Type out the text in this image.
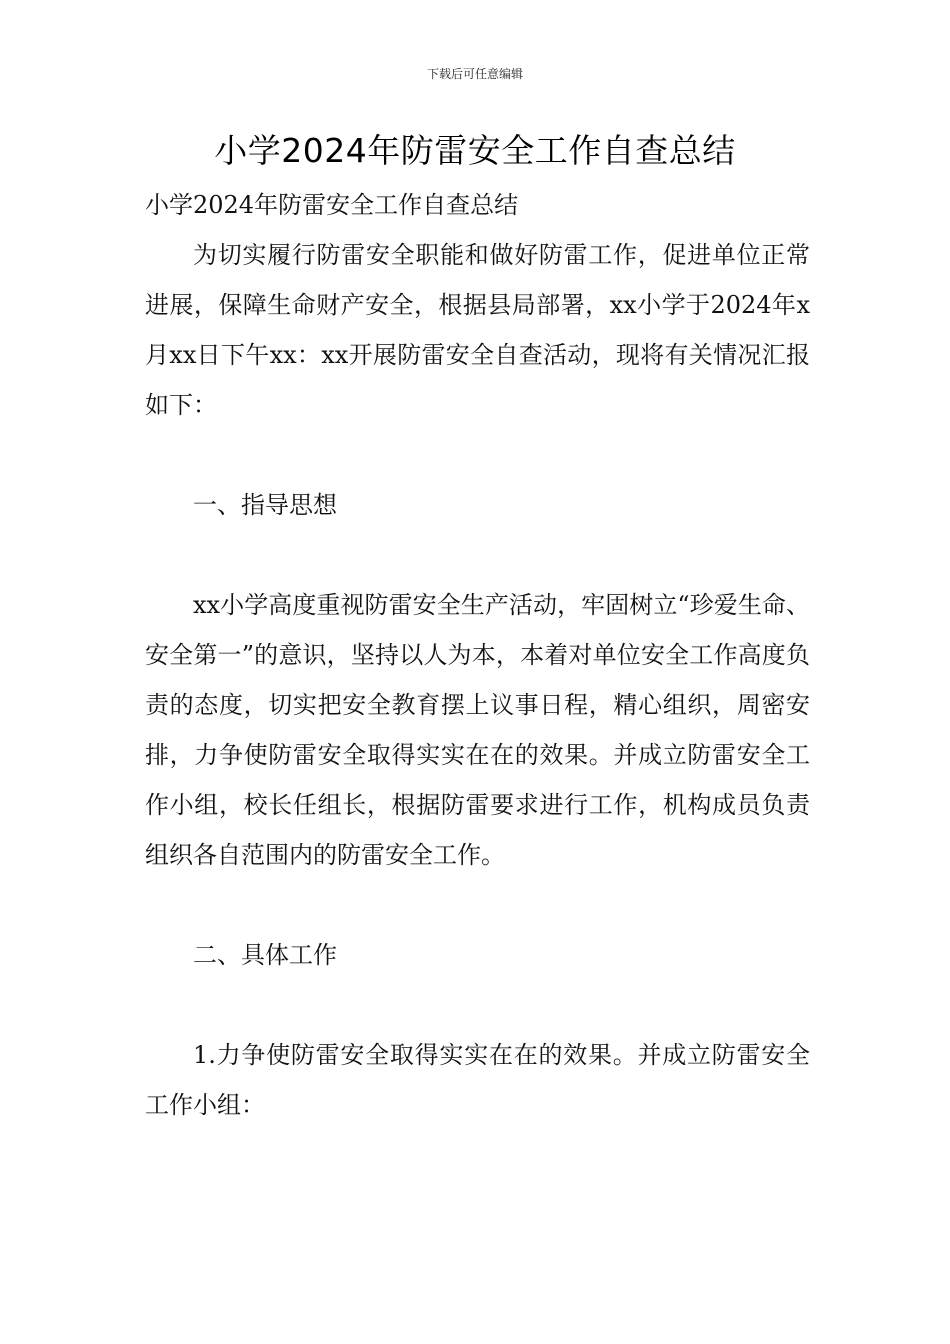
下载后可任意编辑
小学2024年防雷安全工作自查总结

小学2024年防雷安全工作自查总结

为切实履行防雷安全职能和做好防雷工作，促进单位正常进展，保障生命财产安全，根据县局部署，xx小学于2024年x月xx日下午xx：xx开展防雷安全自查活动，现将有关情况汇报如下：

一、指导思想

xx小学高度重视防雷安全生产活动，牢固树立“珍爱生命、安全第一”的意识，坚持以人为本，本着对单位安全工作高度负责的态度，切实把安全教育摆上议事日程，精心组织，周密安排，力争使防雷安全取得实实在在的效果。并成立防雷安全工作小组，校长任组长，根据防雷要求进行工作，机构成员负责组织各自范围内的防雷安全工作。

二、具体工作

1.力争使防雷安全取得实实在在的效果。并成立防雷安全工作小组：
